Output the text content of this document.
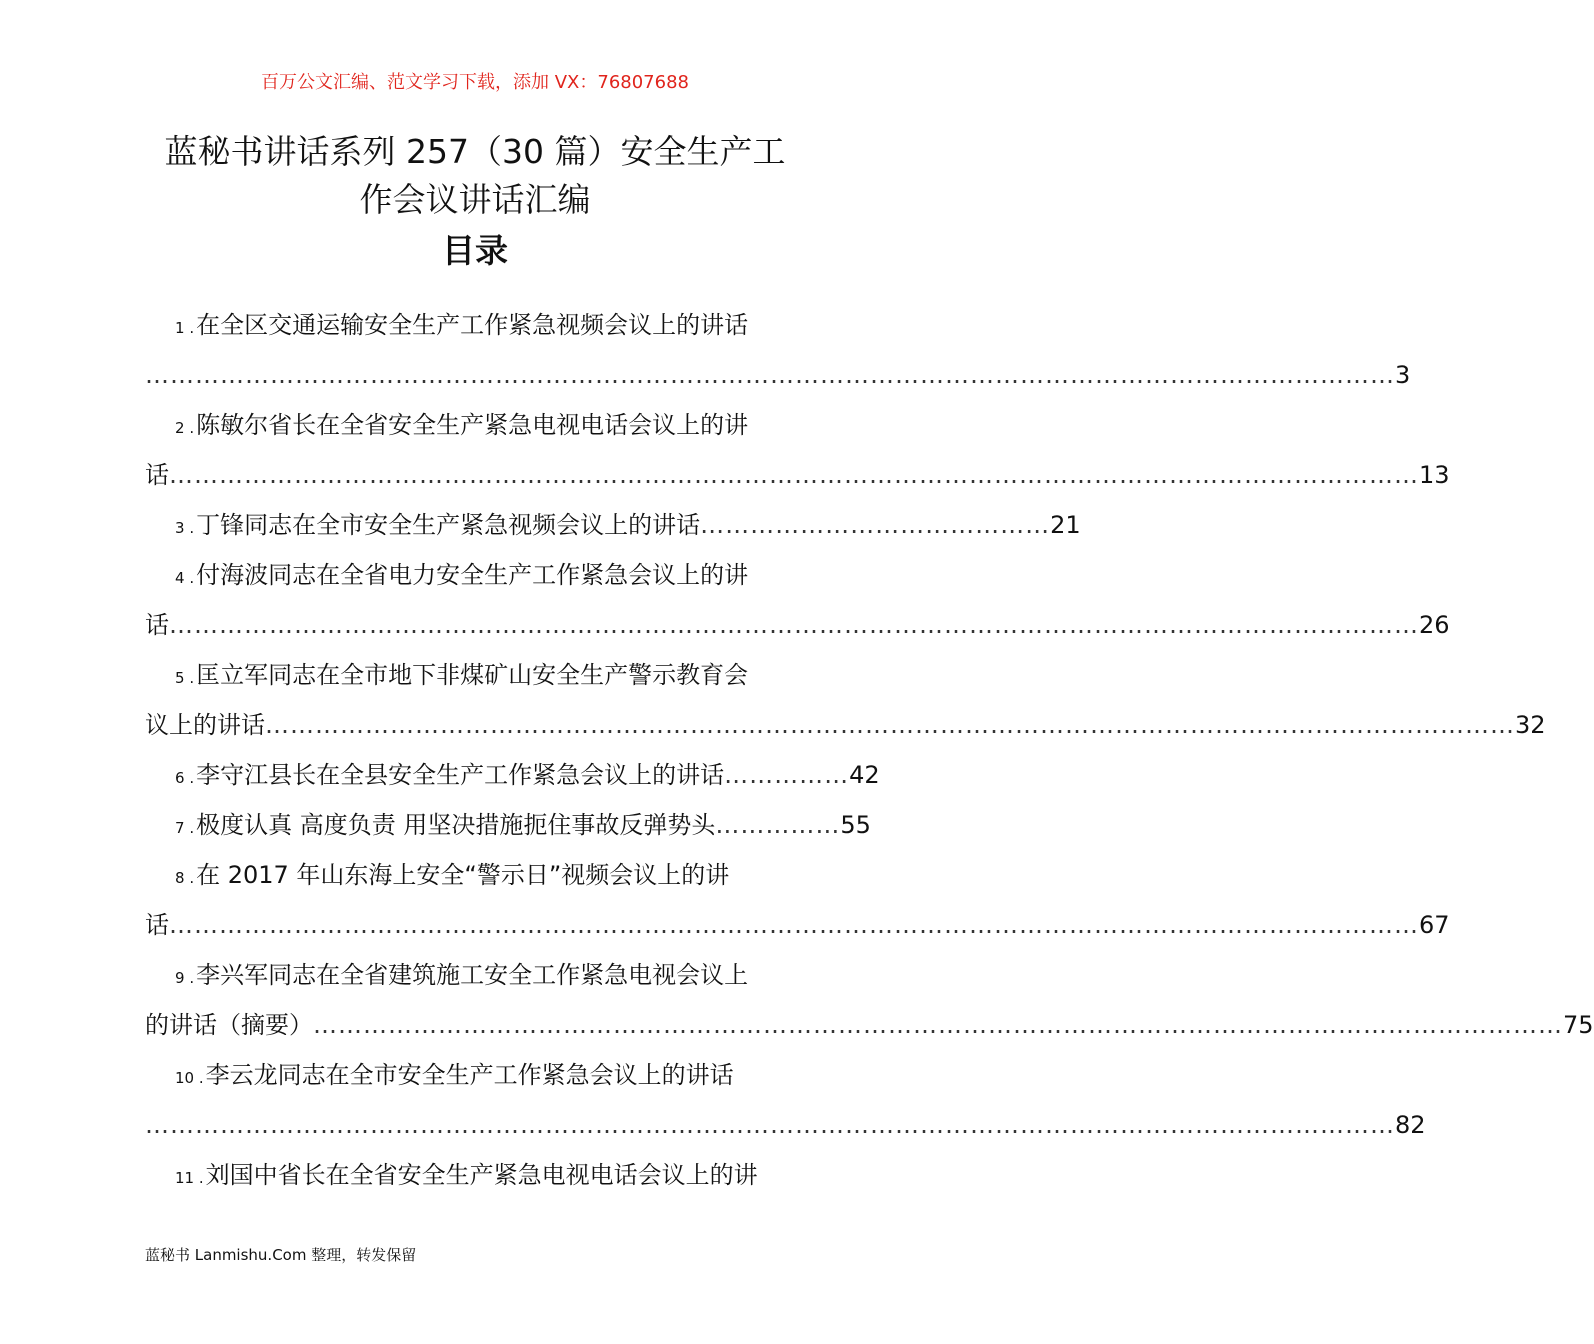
百万公文汇编、范文学习下载，添加 VX：76807688
蓝秘书讲话系列 257（30 篇）安全生产工
作会议讲话汇编
目录
1 . 在全区交通运输安全生产工作紧急视频会议上的讲话
…………………………………………………………………………………………………………………………………… 3
2 . 陈敏尔省长在全省安全生产紧急电视电话会议上的讲
话 …………………………………………………………………………………………………………………………………… 13
3 . 丁锋同志在全市安全生产紧急视频会议上的讲话 …………………………………… 21
4 . 付海波同志在全省电力安全生产工作紧急会议上的讲
话 …………………………………………………………………………………………………………………………………… 26
5 . 匡立军同志在全市地下非煤矿山安全生产警示教育会
议上的讲话 …………………………………………………………………………………………………………………………………… 32
6 . 李守江县长在全县安全生产工作紧急会议上的讲话 …………… 42
7 . 极度认真 高度负责 用坚决措施扼住事故反弹势头 …………… 55
8 . 在 2017 年山东海上安全“警示日”视频会议上的讲
话 …………………………………………………………………………………………………………………………………… 67
9 . 李兴军同志在全省建筑施工安全工作紧急电视会议上
的讲话（摘要） …………………………………………………………………………………………………………………………………… 75
10 . 李云龙同志在全市安全生产工作紧急会议上的讲话
…………………………………………………………………………………………………………………………………… 82
11 . 刘国中省长在全省安全生产紧急电视电话会议上的讲
蓝秘书 Lanmishu.Com 整理，转发保留
